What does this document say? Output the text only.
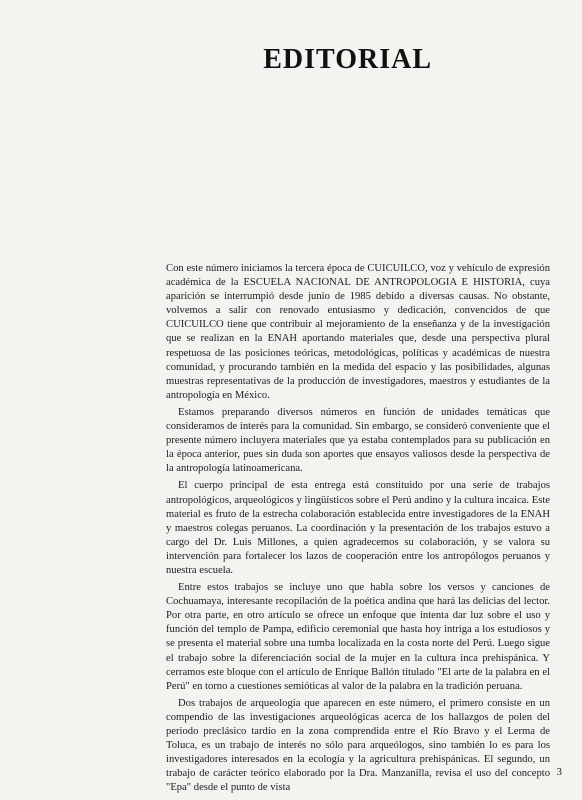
EDITORIAL

Con este número iniciamos la tercera época de CUICUILCO, voz y vehículo de expresión académica de la ESCUELA NACIONAL DE ANTROPOLOGIA E HISTORIA, cuya aparición se interrumpió desde junio de 1985 debido a diversas causas. No obstante, volvemos a salir con renovado entusiasmo y dedicación, convencidos de que CUICUILCO tiene que contribuir al mejoramiento de la enseñanza y de la investigación que se realizan en la ENAH aportando materiales que, desde una perspectiva plural respetuosa de las posiciones teóricas, metodológicas, políticas y académicas de nuestra comunidad, y procurando también en la medida del espacio y las posibilidades, algunas muestras representativas de la producción de investigadores, maestros y estudiantes de la antropología en México.

Estamos preparando diversos números en función de unidades temáticas que consideramos de interés para la comunidad. Sin embargo, se consideró conveniente que el presente número incluyera materiales que ya estaba contemplados para su publicación en la época anterior, pues sin duda son aportes que ensayos valiosos desde la perspectiva de la antropología latinoamericana.

El cuerpo principal de esta entrega está constituido por una serie de trabajos antropológicos, arqueológicos y lingüísticos sobre el Perú andino y la cultura incaica. Este material es fruto de la estrecha colaboración establecida entre investigadores de la ENAH y maestros colegas peruanos. La coordinación y la presentación de los trabajos estuvo a cargo del Dr. Luis Millones, a quien agradecemos su colaboración, y se valora su intervención para fortalecer los lazos de cooperación entre los antropólogos peruanos y nuestra escuela.

Entre estos trabajos se incluye uno que habla sobre los versos y canciones de Cochuamaya, interesante recopilación de la poética andina que hará las delicias del lector. Por otra parte, en otro artículo se ofrece un enfoque que intenta dar luz sobre el uso y función del templo de Pampa, edificio ceremonial que hasta hoy intriga a los estudiosos y se presenta el material sobre una tumba localizada en la costa norte del Perú. Luego sigue el trabajo sobre la diferenciación social de la mujer en la cultura inca prehispánica. Y cerramos este bloque con el artículo de Enrique Ballón titulado "El arte de la palabra en el Perú" en torno a cuestiones semióticas al valor de la palabra en la tradición peruana.

Dos trabajos de arqueología que aparecen en este número, el primero consiste en un compendio de las investigaciones arqueológicas acerca de los hallazgos de polen del periodo preclásico tardío en la zona comprendida entre el Río Bravo y el Lerma de Toluca, es un trabajo de interés no sólo para arqueólogos, sino también lo es para los investigadores interesados en la ecología y la agricultura prehispánicas. El segundo, un trabajo de carácter teórico elaborado por la Dra. Manzanilla, revisa el uso del concepto "Epa" desde el punto de vista

3
